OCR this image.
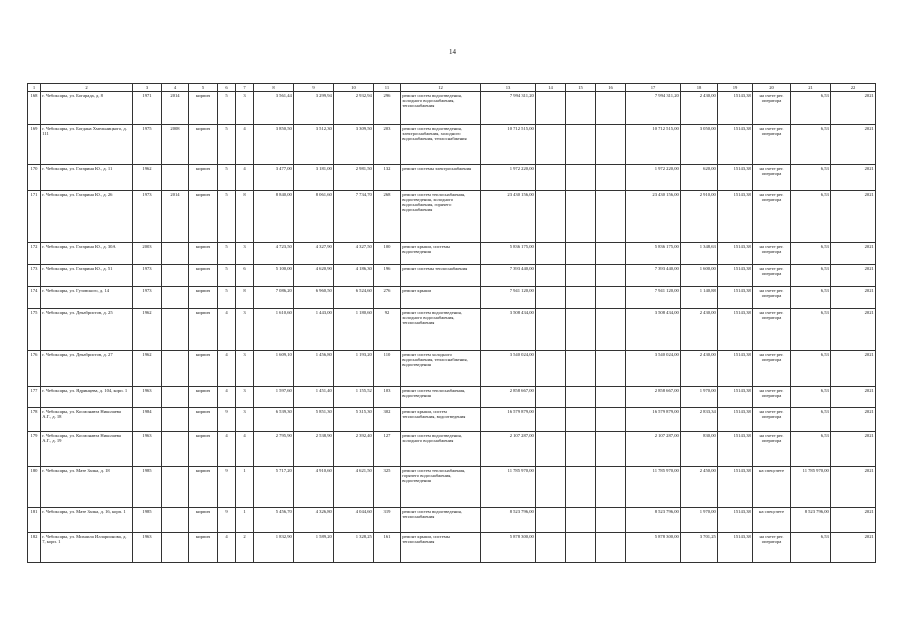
14
1	2	3	4	5	6	7	8	9	10	11	12	13	14	15	16	17	18	19	20	21	22
168	г. Чебоксары, ул. Богарада, д. 8	1971	2014	кирпич	5	3	3 561,44	3 299,94	2 932,94	296	ремонт систем водоотведения, холодного водоснабжения, теплоснабжения	7 994 311,20				7 994 311,20	2 430,00	15143,38	на счете рег. оператора	6,53	2021
169	г. Чебоксары, ул. Богдана Хмельницкого, д. 111	1975	2008	кирпич	5	4	3 850,50	3 512,30	3 309,50	203	ремонт систем водоотведения, электроснабжения, холодного водоснабжения, теплоснабжения	10 712 515,00				10 712 515,00	3 050,00	15143,38	на счете рег. оператора	6,53	2021
170	г. Чебоксары, ул. Гагарина Ю., д. 11	1962		кирпич	5	4	3 477,00	3 181,00	2 981,50	132	ремонт системы электроснабжения	1 972 220,00				1 972 220,00	620,00	15143,38	на счете рег. оператора	6,53	2021
171	г. Чебоксары, ул. Гагарина Ю., д. 26	1973	2014	кирпич	5	8	8 840,00	8 061,60	7 734,70	268	ремонт систем теплоснабжения, водоотведения, холодного водоснабжения, горячего водоснабжения	23 430 156,00				23 430 156,00	2 910,00	15143,38	на счете рег. оператора	6,53	2021
172	г. Чебоксары, ул. Гагарина Ю., д. 30А	2003		кирпич	5	3	4 723,50	4 327,90	4 327,50	100	ремонт крыши, системы водоотведения	5 836 175,00				5 836 175,00	1 348,63	15143,38	на счете рег. оператора	6,53	2021
173	г. Чебоксары, ул. Гагарина Ю., д. 51	1973		кирпич	5	6	5 100,00	4 620,90	4 186,30	196	ремонт системы теплоснабжения	7 393 440,00				7 393 440,00	1 600,00	15143,38	на счете рег. оператора	6,53	2021
174	г. Чебоксары, ул. Гузовского, д. 14	1973		кирпич	5	8	7 086,20	6 960,50	6 524,60	276	ремонт крыши	7 941 120,00				7 941 120,00	1 140,88	15143,38	на счете рег. оператора	6,53	2021
175	г. Чебоксары, ул. Декабристов, д. 25	1962		кирпич	4	3	1 610,60	1 443,00	1 180,60	92	ремонт систем водоотведения, холодного водоснабжения, теплоснабжения	3 508 434,00				3 508 434,00	2 430,00	15143,38	на счете рег. оператора	6,53	2021
176	г. Чебоксары, ул. Декабристов, д. 27	1962		кирпич	4	3	1 609,10	1 456,80	1 193,20	110	ремонт систем холодного водоснабжения, теплоснабжения, водоотведения	3 540 024,00				3 540 024,00	2 430,00	15143,38	на счете рег. оператора	6,53	2021
177	г. Чебоксары, ул. Ядринцева, д. 104, корп. 1	1963		кирпич	4	3	1 597,60	1 451,40	1 155,52	103	ремонт систем теплоснабжения, водоотведения	2 858 667,00				2 858 667,00	1 970,00	15143,38	на счете рег. оператора	6,53	2021
178	г. Чебоксары, ул. Космонавта Николаева А.Г., д. 18	1984		кирпич	9	3	6 539,30	5 851,30	5 315,30	302	ремонт крыши, систем теплоснабжения, водоотведения	16 579 879,00				16 579 879,00	2 833,34	15143,38	на счете рег. оператора	6,53	2021
179	г. Чебоксары, ул. Космонавта Николаева А.Г., д. 19	1963		кирпич	4	4	2 795,90	2 538,90	2 392,40	127	ремонт систем водоотведения, холодного водоснабжения	2 107 287,00				2 107 287,00	830,00	15143,38	на счете рег. оператора	6,53	2021
180	г. Чебоксары, ул. Мате Залка, д. 18	1985		кирпич	9	1	5 717,20	4 910,60	4 621,50	325	ремонт систем теплоснабжения, горячего водоснабжения, водоотведения	11 785 970,00				11 785 970,00	2 450,00	15143,38	на спецсчете	11 785 970,00	2021
181	г. Чебоксары, ул. Мате Залка, д. 16, корп. 1	1985		кирпич	9	1	5 456,70	4 326,80	4 044,60	319	ремонт систем водоотведения, теплоснабжения	8 523 796,00				8 523 796,00	1 970,00	15143,38	на спецсчете	8 523 796,00	2021
182	г. Чебоксары, ул. Михаила Илларионова, д. 7, корп. 1	1963		кирпич	4	2	1 832,90	1 589,20	1 328,25	161	ремонт крыши, системы теплоснабжения	5 878 300,00				5 878 300,00	3 701,25	15143,38	на счете рег. оператора	6,53	2021
